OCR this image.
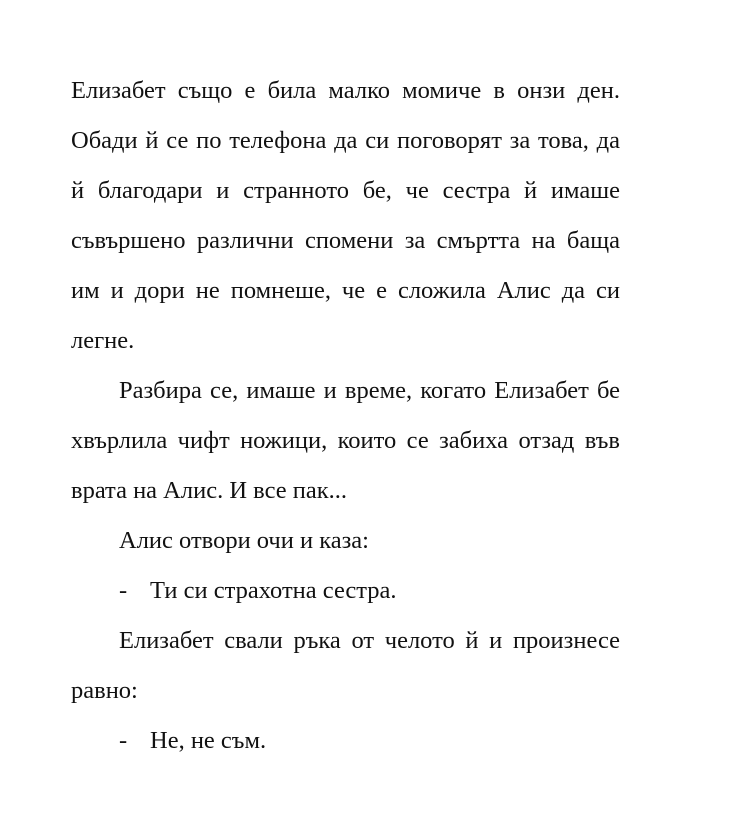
Елизабет също е била малко момиче в онзи ден. Обади й се по телефона да си поговорят за това, да й благодари и странното бе, че сестра й имаше съвършено различни спомени за смъртта на баща им и дори не помнеше, че е сложила Алис да си легне.

Разбира се, имаше и време, когато Елизабет бе хвърлила чифт ножици, които се забиха отзад във врата на Алис. И все пак...

Алис отвори очи и каза:

- Ти си страхотна сестра.

Елизабет свали ръка от челото й и произнесе равно:

- Не, не съм.
